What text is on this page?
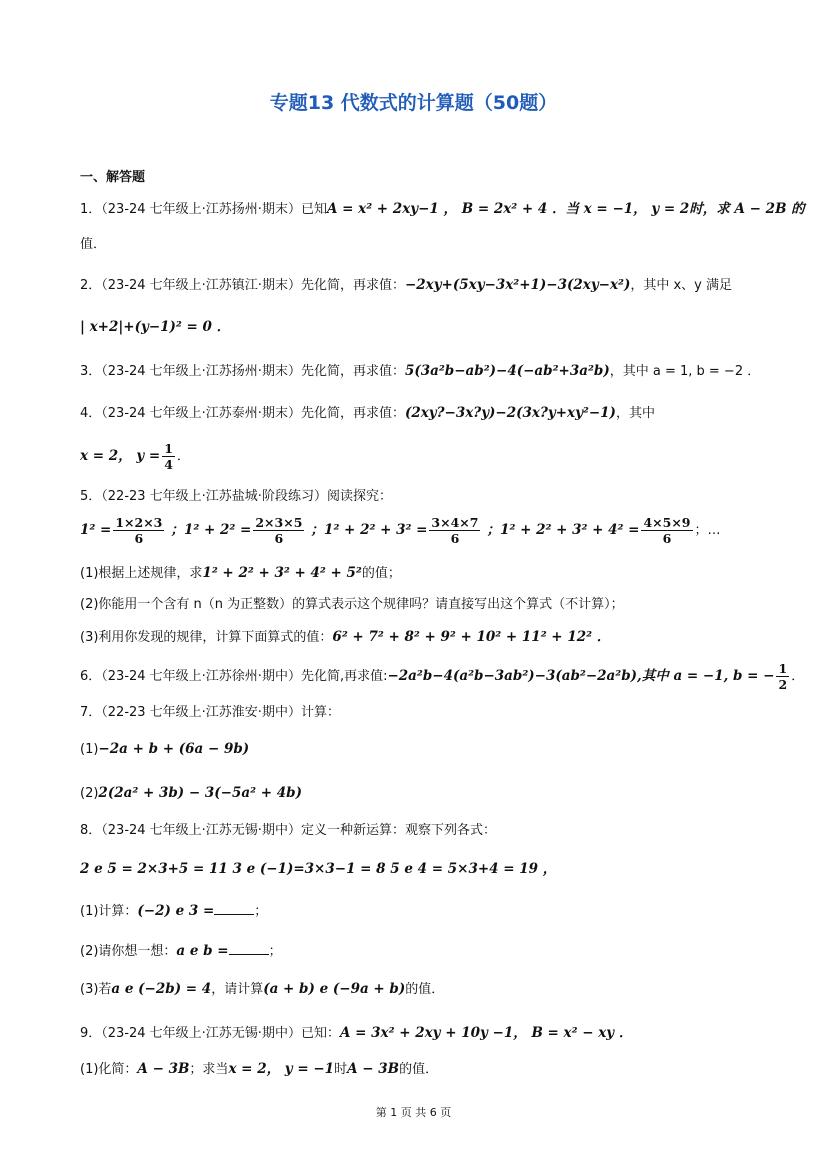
专题13 代数式的计算题（50题）
一、解答题
1．（23-24 七年级上·江苏扬州·期末）已知A = x² + 2xy−1 ， B = 2x² + 4 ．当 x = −1， y = 2时，求 A − 2B 的
值．
2．（23-24 七年级上·江苏镇江·期末）先化简，再求值：−2xy+(5xy−3x²+1)−3(2xy−x²)，其中 x、y 满足
| x+2|+(y−1)² = 0 ．
3．（23-24 七年级上·江苏扬州·期末）先化简，再求值：5(3a²b−ab²)−4(−ab²+3a²b)，其中 a = 1, b = −2 ．
4．（23-24 七年级上·江苏泰州·期末）先化简，再求值：(2xy?−3x?y)−2(3x?y+xy²−1)，其中
x = 2， $y = \frac{1}{4}$ ．
5．（22-23 七年级上·江苏盐城·阶段练习）阅读探究：
$1^2 = \frac{1\times 2\times 3}{6}$ ；$1^2 + 2^2 = \frac{2\times 3\times 5}{6}$ ；$1^2 + 2^2 + 3^2 = \frac{3\times 4\times 7}{6}$ ；$1^2 + 2^2 + 3^2 + 4^2 = \frac{4\times 5\times 9}{6}$ ；…
(1)根据上述规律，求1² + 2² + 3² + 4² + 5²的值；
(2)你能用一个含有 n（n 为正整数）的算式表示这个规律吗？请直接写出这个算式（不计算）；
(3)利用你发现的规律，计算下面算式的值：6² + 7² + 8² + 9² + 10² + 11² + 12² ．
6．（23-24 七年级上·江苏徐州·期中）先化简,再求值:−2a²b−4(a²b−3ab²)−3(ab²−2a²b),其中 a = −1, b = − $\frac{1}{2}$ ．
7．（22-23 七年级上·江苏淮安·期中）计算：
(1)−2a + b + (6a − 9b)
(2)2(2a² + 3b) − 3(−5a² + 4b)
8．（23-24 七年级上·江苏无锡·期中）定义一种新运算：观察下列各式：
2 e 5 = 2×3+5 = 11 3 e (−1)=3×3−1 = 8 5 e 4 = 5×3+4 = 19 ，
(1)计算：(−2) e 3 =	；
(2)请你想一想：a e b =	；
(3)若a e (−2b) = 4，请计算(a + b) e (−9a + b)的值．
9．（23-24 七年级上·江苏无锡·期中）已知：A = 3x² + 2xy + 10y −1， B = x² − xy ．
(1)化简：A − 3B；求当x = 2， y = −1时A − 3B的值．
第 1 页 共 6 页
